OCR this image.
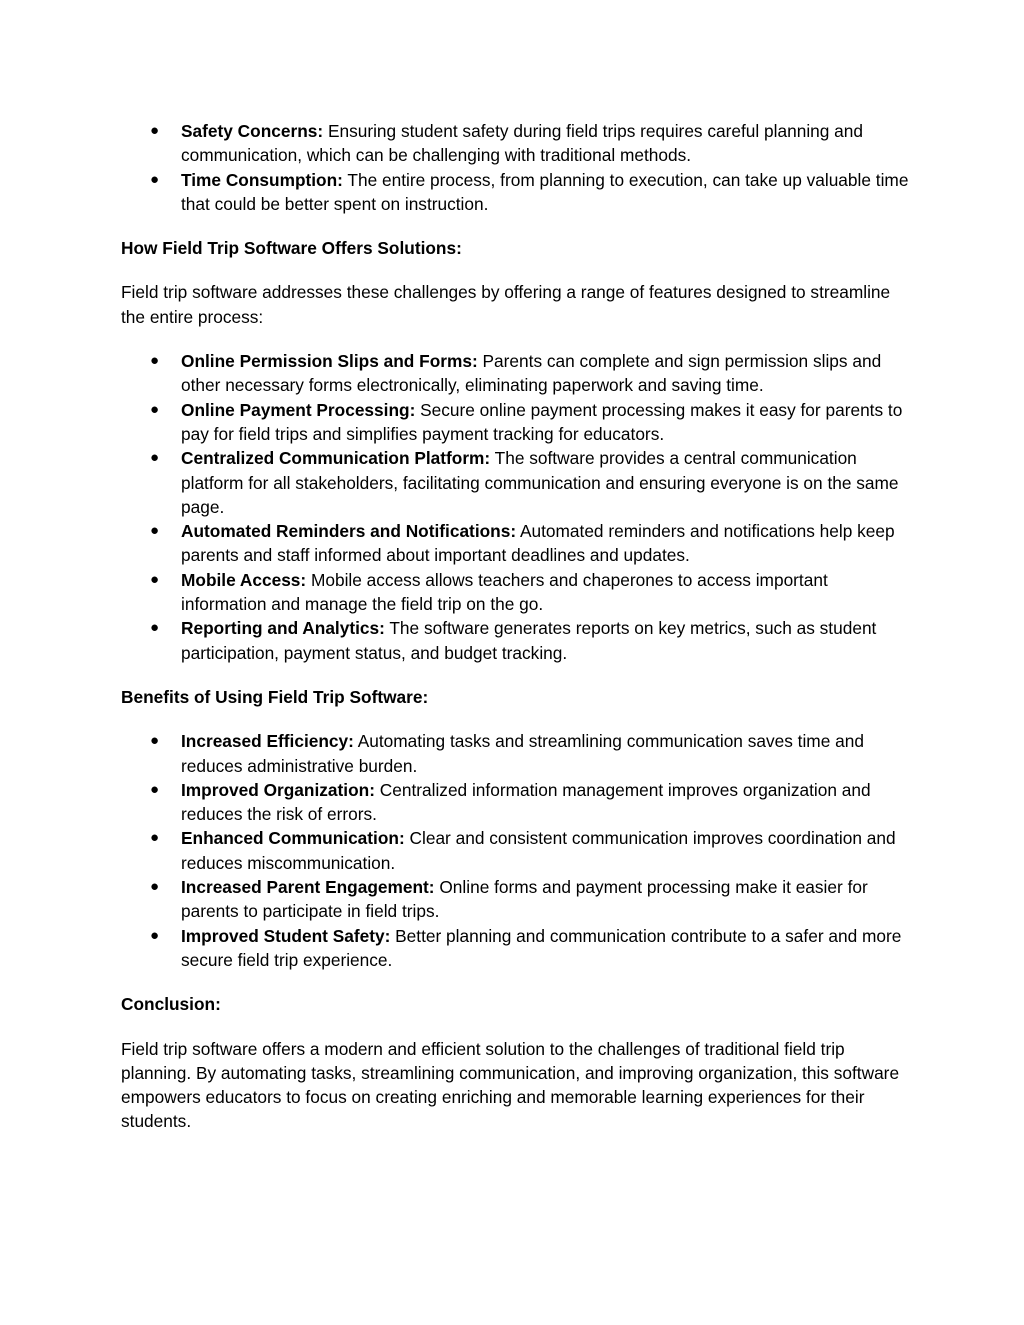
● Safety Concerns: Ensuring student safety during field trips requires careful planning and communication, which can be challenging with traditional methods.
● Time Consumption: The entire process, from planning to execution, can take up valuable time that could be better spent on instruction.

How Field Trip Software Offers Solutions:

Field trip software addresses these challenges by offering a range of features designed to streamline the entire process:

● Online Permission Slips and Forms: Parents can complete and sign permission slips and other necessary forms electronically, eliminating paperwork and saving time.
● Online Payment Processing: Secure online payment processing makes it easy for parents to pay for field trips and simplifies payment tracking for educators.
● Centralized Communication Platform: The software provides a central communication platform for all stakeholders, facilitating communication and ensuring everyone is on the same page.
● Automated Reminders and Notifications: Automated reminders and notifications help keep parents and staff informed about important deadlines and updates.
● Mobile Access: Mobile access allows teachers and chaperones to access important information and manage the field trip on the go.
● Reporting and Analytics: The software generates reports on key metrics, such as student participation, payment status, and budget tracking.

Benefits of Using Field Trip Software:

● Increased Efficiency: Automating tasks and streamlining communication saves time and reduces administrative burden.
● Improved Organization: Centralized information management improves organization and reduces the risk of errors.
● Enhanced Communication: Clear and consistent communication improves coordination and reduces miscommunication.
● Increased Parent Engagement: Online forms and payment processing make it easier for parents to participate in field trips.
● Improved Student Safety: Better planning and communication contribute to a safer and more secure field trip experience.

Conclusion:

Field trip software offers a modern and efficient solution to the challenges of traditional field trip planning. By automating tasks, streamlining communication, and improving organization, this software empowers educators to focus on creating enriching and memorable learning experiences for their students.
